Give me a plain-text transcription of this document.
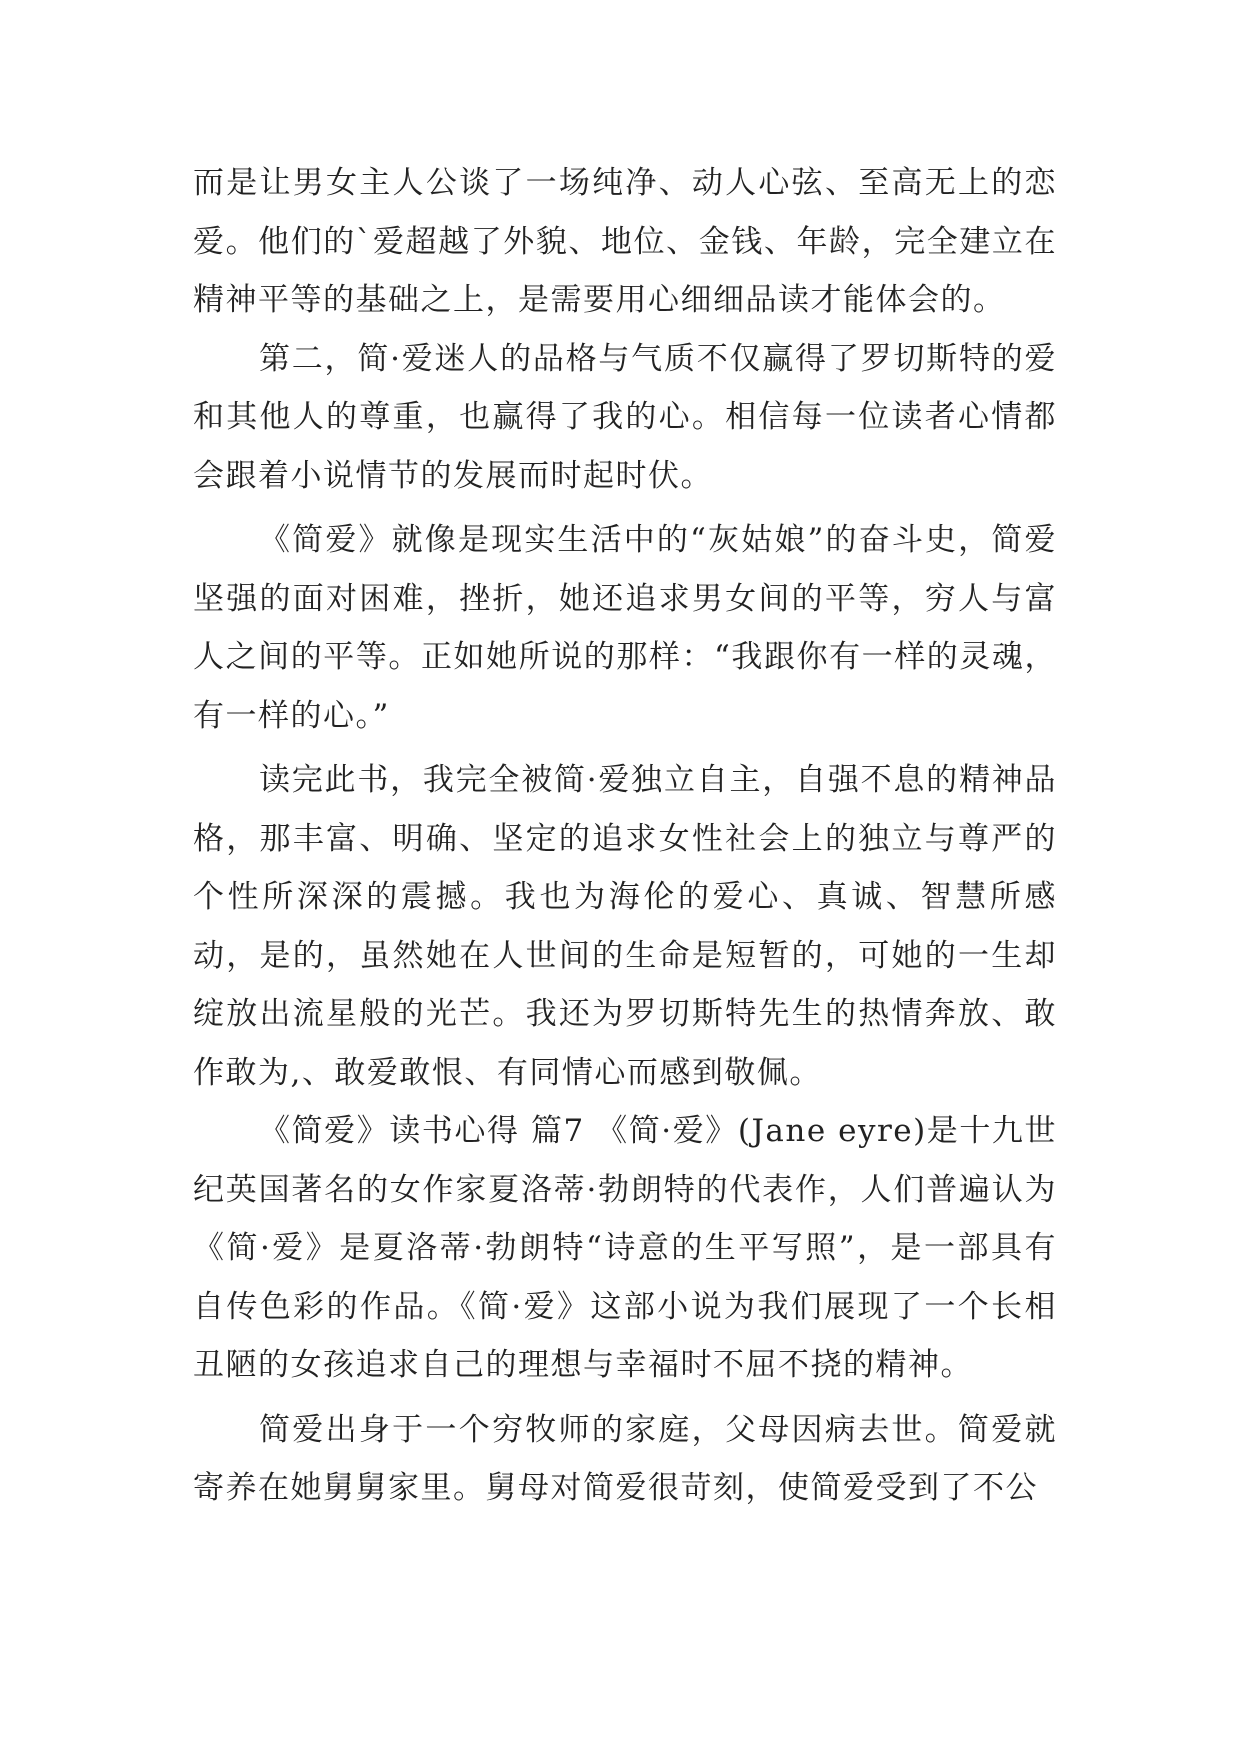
而是让男女主人公谈了一场纯净、动人心弦、至高无上的恋爱。他们的`爱超越了外貌、地位、金钱、年龄，完全建立在精神平等的基础之上，是需要用心细细品读才能体会的。

第二，简·爱迷人的品格与气质不仅赢得了罗切斯特的爱和其他人的尊重，也赢得了我的心。相信每一位读者心情都会跟着小说情节的发展而时起时伏。

《简爱》就像是现实生活中的“灰姑娘”的奋斗史，简爱坚强的面对困难，挫折，她还追求男女间的平等，穷人与富人之间的平等。正如她所说的那样：“我跟你有一样的灵魂，有一样的心。”

读完此书，我完全被简·爱独立自主，自强不息的精神品格，那丰富、明确、坚定的追求女性社会上的独立与尊严的个性所深深的震撼。我也为海伦的爱心、真诚、智慧所感动，是的，虽然她在人世间的生命是短暂的，可她的一生却绽放出流星般的光芒。我还为罗切斯特先生的热情奔放、敢作敢为,、敢爱敢恨、有同情心而感到敬佩。

《简爱》读书心得 篇7 《简·爱》(Jane eyre)是十九世纪英国著名的女作家夏洛蒂·勃朗特的代表作，人们普遍认为《简·爱》是夏洛蒂·勃朗特“诗意的生平写照”，是一部具有自传色彩的作品。《简·爱》这部小说为我们展现了一个长相丑陋的女孩追求自己的理想与幸福时不屈不挠的精神。

简爱出身于一个穷牧师的家庭，父母因病去世。简爱就寄养在她舅舅家里。舅母对简爱很苛刻，使简爱受到了不公
